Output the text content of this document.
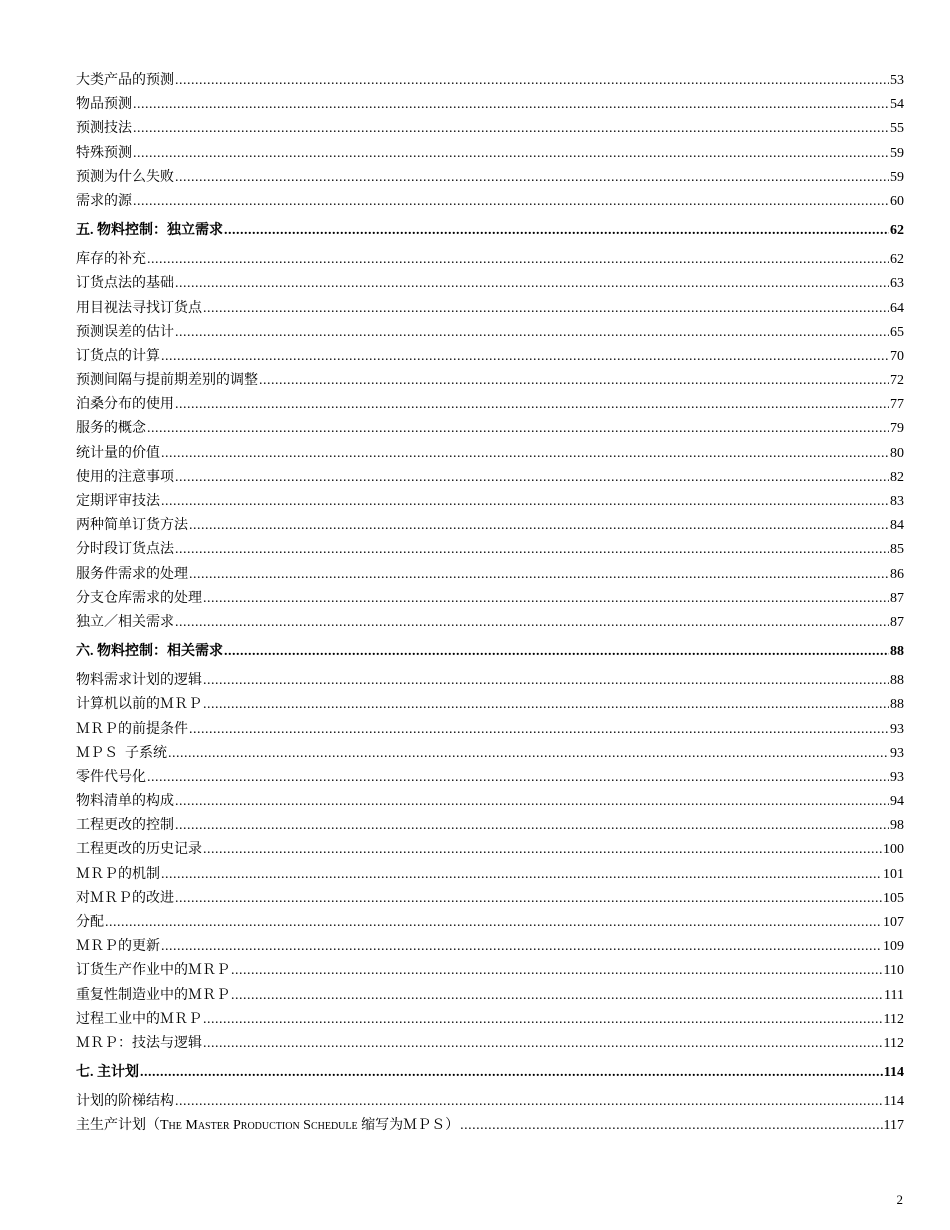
大类产品的预测 .....	53
物品预测 .....	54
预测技法 .....	55
特殊预测 .....	59
预测为什么失败 .....	59
需求的源 .....	60
五. 物料控制：独立需求 .....	62
库存的补充 .....	62
订货点法的基础 .....	63
用目视法寻找订货点 .....	64
预测误差的估计 .....	65
订货点的计算 .....	70
预测间隔与提前期差别的调整 .....	72
泊桑分布的使用 .....	77
服务的概念 .....	79
统计量的价值 .....	80
使用的注意事项 .....	82
定期评审技法 .....	83
两种简单订货方法 .....	84
分时段订货点法 .....	85
服务件需求的处理 .....	86
分支仓库需求的处理 .....	87
独立／相关需求 .....	87
六. 物料控制：相关需求 .....	88
物料需求计划的逻辑 .....	88
计算机以前的ＭＲＰ .....	88
ＭＲＰ的前提条件 .....	93
ＭＰＳ  子系统 .....	93
零件代号化 .....	93
物料清单的构成 .....	94
工程更改的控制 .....	98
工程更改的历史记录 .....	100
ＭＲＰ的机制 .....	101
对ＭＲＰ的改进 .....	105
分配 .....	107
ＭＲＰ的更新 .....	109
订货生产作业中的ＭＲＰ .....	110
重复性制造业中的ＭＲＰ .....	111
过程工业中的ＭＲＰ .....	112
ＭＲＰ：技法与逻辑 .....	112
七. 主计划 .....	114
计划的阶梯结构 .....	114
主生产计划（The Master Production Schedule 缩写为ＭＰＳ） .....	117
2
